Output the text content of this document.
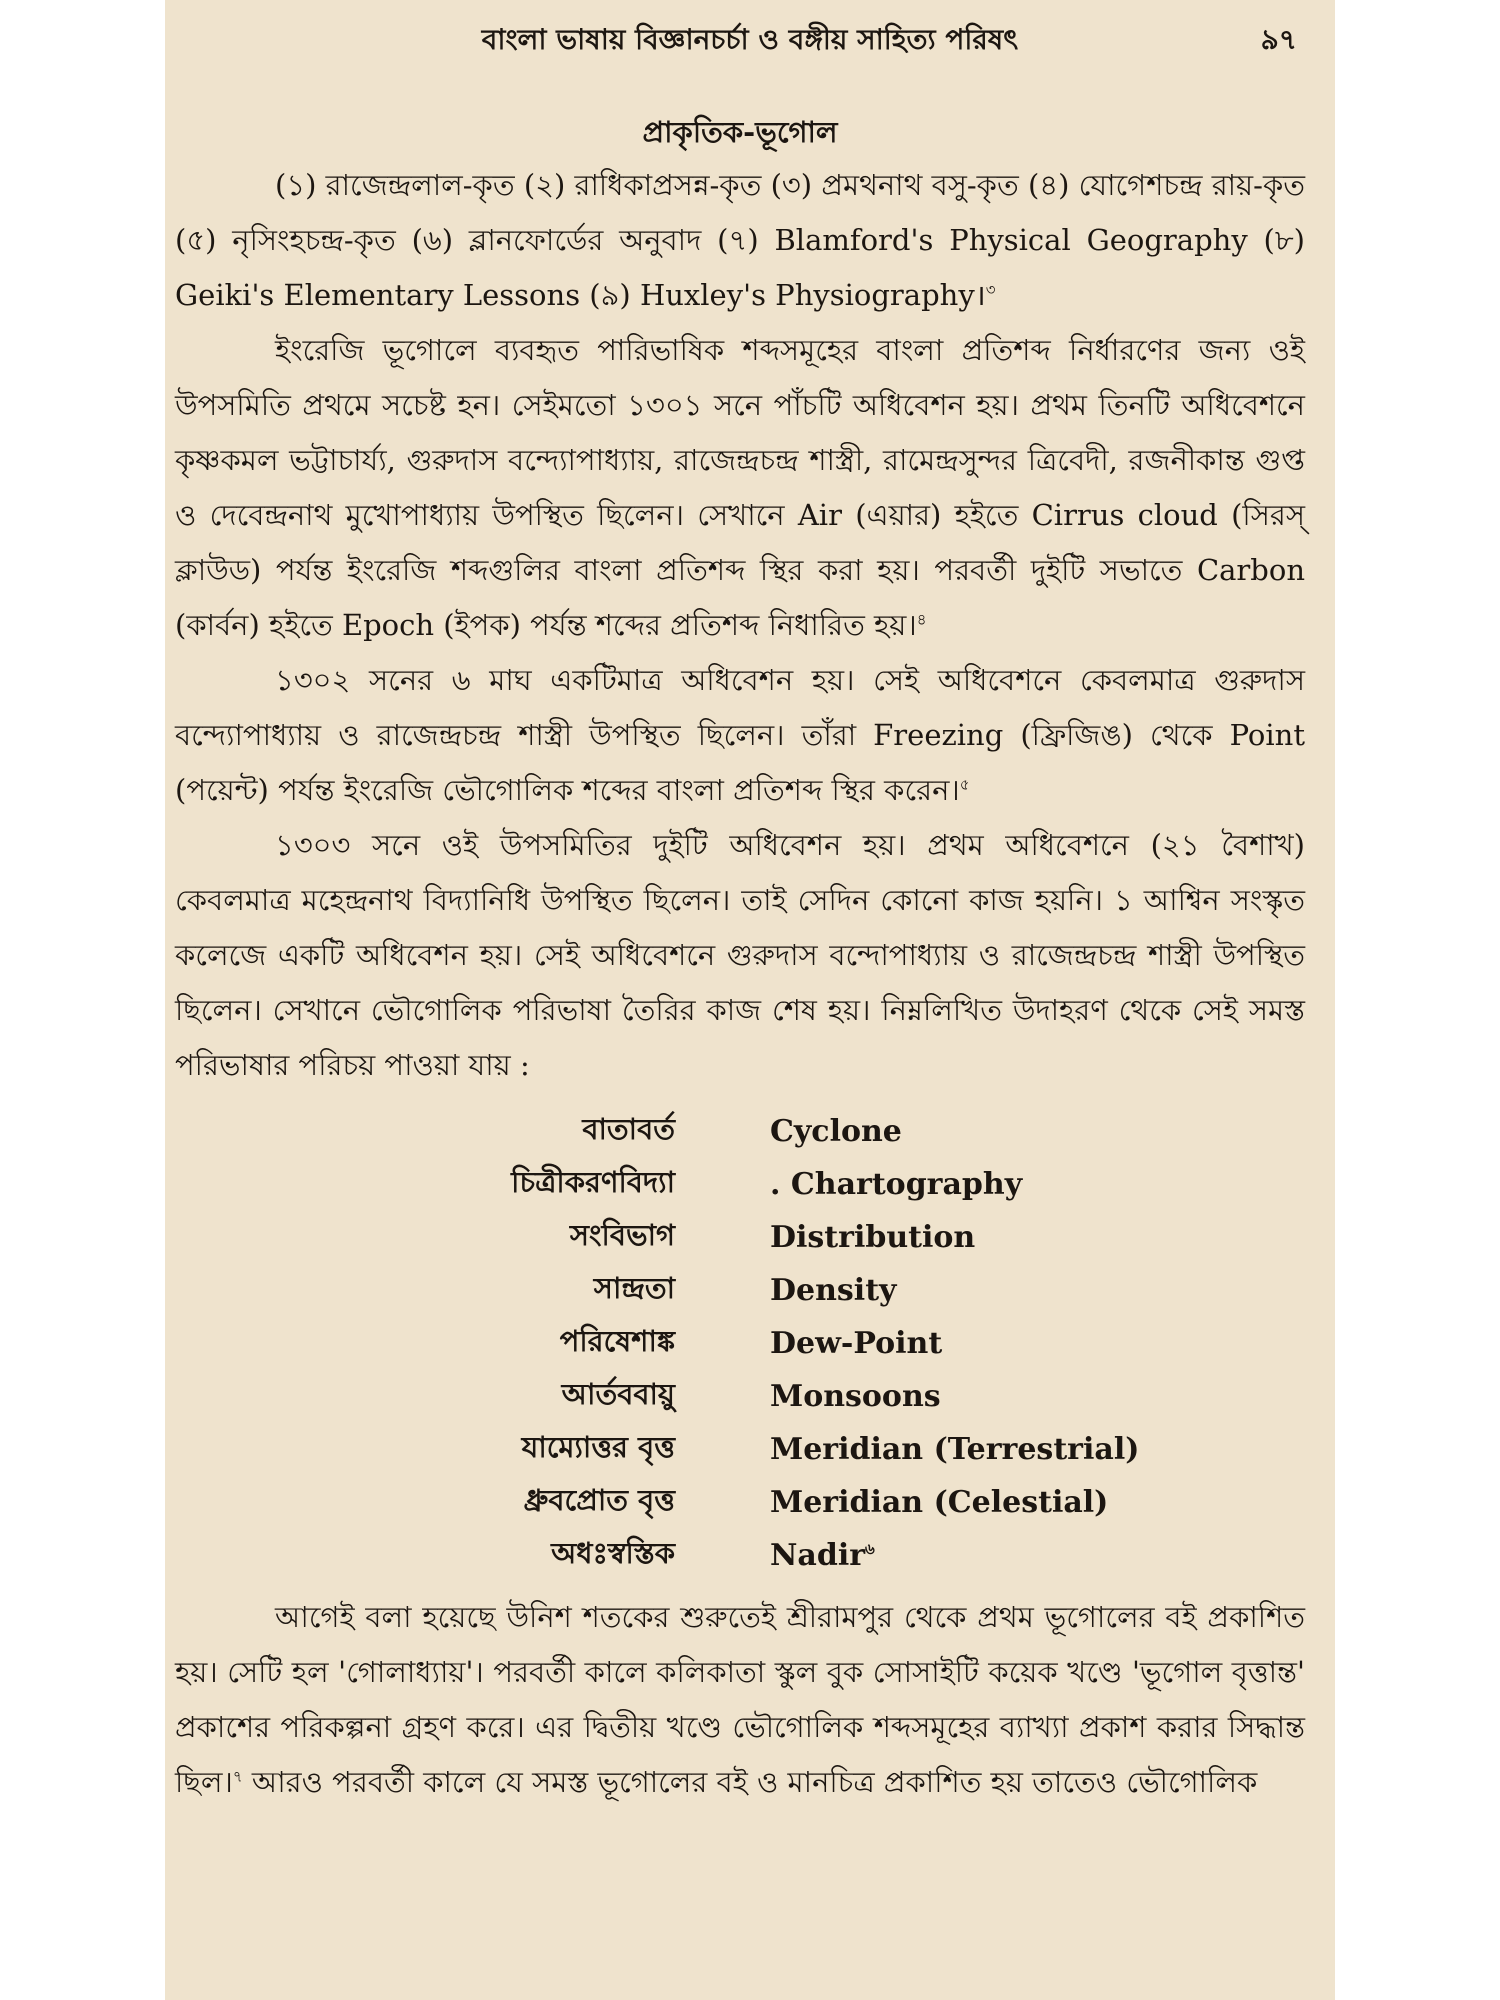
বাংলা ভাষায় বিজ্ঞানচর্চা ও বঙ্গীয় সাহিত্য পরিষৎ	৯৭
প্রাকৃতিক-ভূগোল

(১) রাজেন্দ্রলাল-কৃত (২) রাধিকাপ্রসন্ন-কৃত (৩) প্রমথনাথ বসু-কৃত (৪) যোগেশচন্দ্র রায়-কৃত (৫) নৃসিংহচন্দ্র-কৃত (৬) ব্লানফোর্ডের অনুবাদ (৭) Blamford's Physical Geography (৮) Geiki's Elementary Lessons (৯) Huxley's Physiography।$^৩$

ইংরেজি ভূগোলে ব্যবহৃত পারিভাষিক শব্দসমূহের বাংলা প্রতিশব্দ নির্ধারণের জন্য ওই উপসমিতি প্রথমে সচেষ্ট হন। সেইমতো ১৩০১ সনে পাঁচটি অধিবেশন হয়। প্রথম তিনটি অধিবেশনে কৃষ্ণকমল ভট্টাচার্য্য, গুরুদাস বন্দ্যোপাধ্যায়, রাজেন্দ্রচন্দ্র শাস্ত্রী, রামেন্দ্রসুন্দর ত্রিবেদী, রজনীকান্ত গুপ্ত ও দেবেন্দ্রনাথ মুখোপাধ্যায় উপস্থিত ছিলেন। সেখানে Air (এয়ার) হইতে Cirrus cloud (সিরস্ ক্লাউড) পর্যন্ত ইংরেজি শব্দগুলির বাংলা প্রতিশব্দ স্থির করা হয়। পরবর্তী দুইটি সভাতে Carbon (কার্বন) হইতে Epoch (ইপক) পর্যন্ত শব্দের প্রতিশব্দ নিধারিত হয়।$^৪$

১৩০২ সনের ৬ মাঘ একটিমাত্র অধিবেশন হয়। সেই অধিবেশনে কেবলমাত্র গুরুদাস বন্দ্যোপাধ্যায় ও রাজেন্দ্রচন্দ্র শাস্ত্রী উপস্থিত ছিলেন। তাঁরা Freezing (ফ্রিজিঙ) থেকে Point (পয়েন্ট) পর্যন্ত ইংরেজি ভৌগোলিক শব্দের বাংলা প্রতিশব্দ স্থির করেন।$^৫$

১৩০৩ সনে ওই উপসমিতির দুইটি অধিবেশন হয়। প্রথম অধিবেশনে (২১ বৈশাখ) কেবলমাত্র মহেন্দ্রনাথ বিদ্যানিধি উপস্থিত ছিলেন। তাই সেদিন কোনো কাজ হয়নি। ১ আশ্বিন সংস্কৃত কলেজে একটি অধিবেশন হয়। সেই অধিবেশনে গুরুদাস বন্দোপাধ্যায় ও রাজেন্দ্রচন্দ্র শাস্ত্রী উপস্থিত ছিলেন। সেখানে ভৌগোলিক পরিভাষা তৈরির কাজ শেষ হয়। নিম্নলিখিত উদাহরণ থেকে সেই সমস্ত পরিভাষার পরিচয় পাওয়া যায় :

বাতাবর্ত	Cyclone
চিত্রীকরণবিদ্যা	. Chartography
সংবিভাগ	Distribution
সান্দ্রতা	Density
পরিষেশাঙ্ক	Dew-Point
আর্তববায়ু	Monsoons
যাম্যোত্তর বৃত্ত	Meridian (Terrestrial)
ধ্রুবপ্রোত বৃত্ত	Meridian (Celestial)
অধঃস্বস্তিক	Nadir$^৬$

আগেই বলা হয়েছে উনিশ শতকের শুরুতেই শ্রীরামপুর থেকে প্রথম ভূগোলের বই প্রকাশিত হয়। সেটি হল 'গোলাধ্যায়'। পরবর্তী কালে কলিকাতা স্কুল বুক সোসাইটি কয়েক খণ্ডে 'ভূগোল বৃত্তান্ত' প্রকাশের পরিকল্পনা গ্রহণ করে। এর দ্বিতীয় খণ্ডে ভৌগোলিক শব্দসমূহের ব্যাখ্যা প্রকাশ করার সিদ্ধান্ত ছিল।$^৭$ আরও পরবর্তী কালে যে সমস্ত ভূগোলের বই ও মানচিত্র প্রকাশিত হয় তাতেও ভৌগোলিক
